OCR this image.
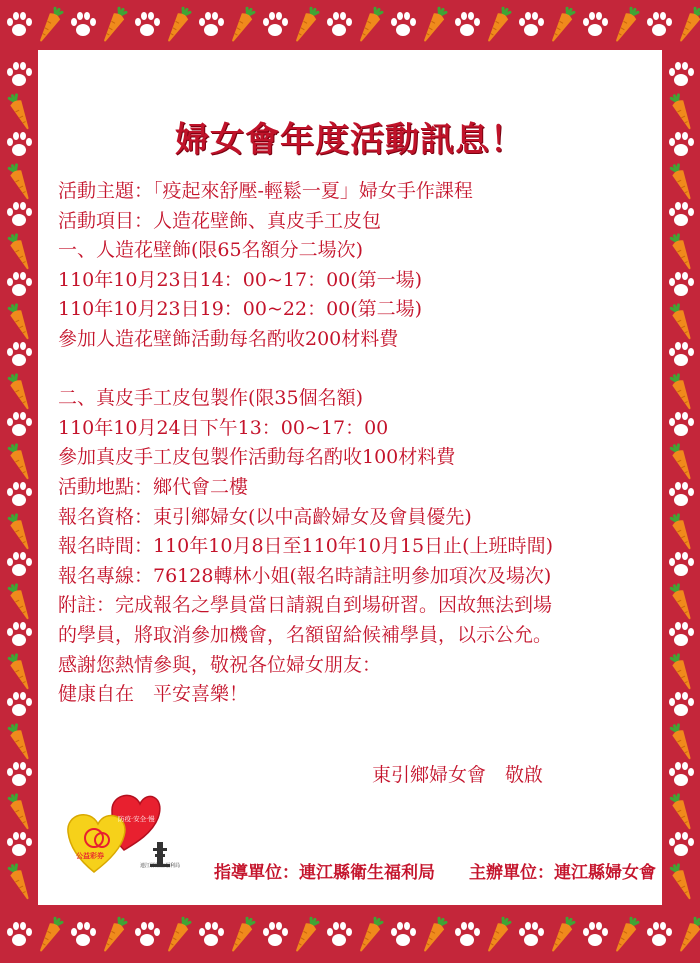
婦女會年度活動訊息！
活動主題：「疫起來舒壓-輕鬆一夏」婦女手作課程
活動項目：人造花壁飾、真皮手工皮包
一、人造花壁飾(限65名額分二場次)
110年10月23日14：00~17：00(第一場)
110年10月23日19：00~22：00(第二場)
參加人造花壁飾活動每名酌收200材料費
二、真皮手工皮包製作(限35個名額)
110年10月24日下午13：00~17：00
參加真皮手工皮包製作活動每名酌收100材料費
活動地點：鄉代會二樓
報名資格：東引鄉婦女(以中高齡婦女及會員優先)
報名時間：110年10月8日至110年10月15日止(上班時間)
報名專線：76128轉林小姐(報名時請註明參加項次及場次)
附註：完成報名之學員當日請親自到場研習。因故無法到場
的學員，將取消參加機會，名額留給候補學員，以示公允。
感謝您熱情參與，敬祝各位婦女朋友：
健康自在　平安喜樂！
東引鄉婦女會　敬啟
防疫·安全·慢
公益彩券
連江縣衛生福利局 指導單位：連江縣衛生福利局　　主辦單位：連江縣婦女會
